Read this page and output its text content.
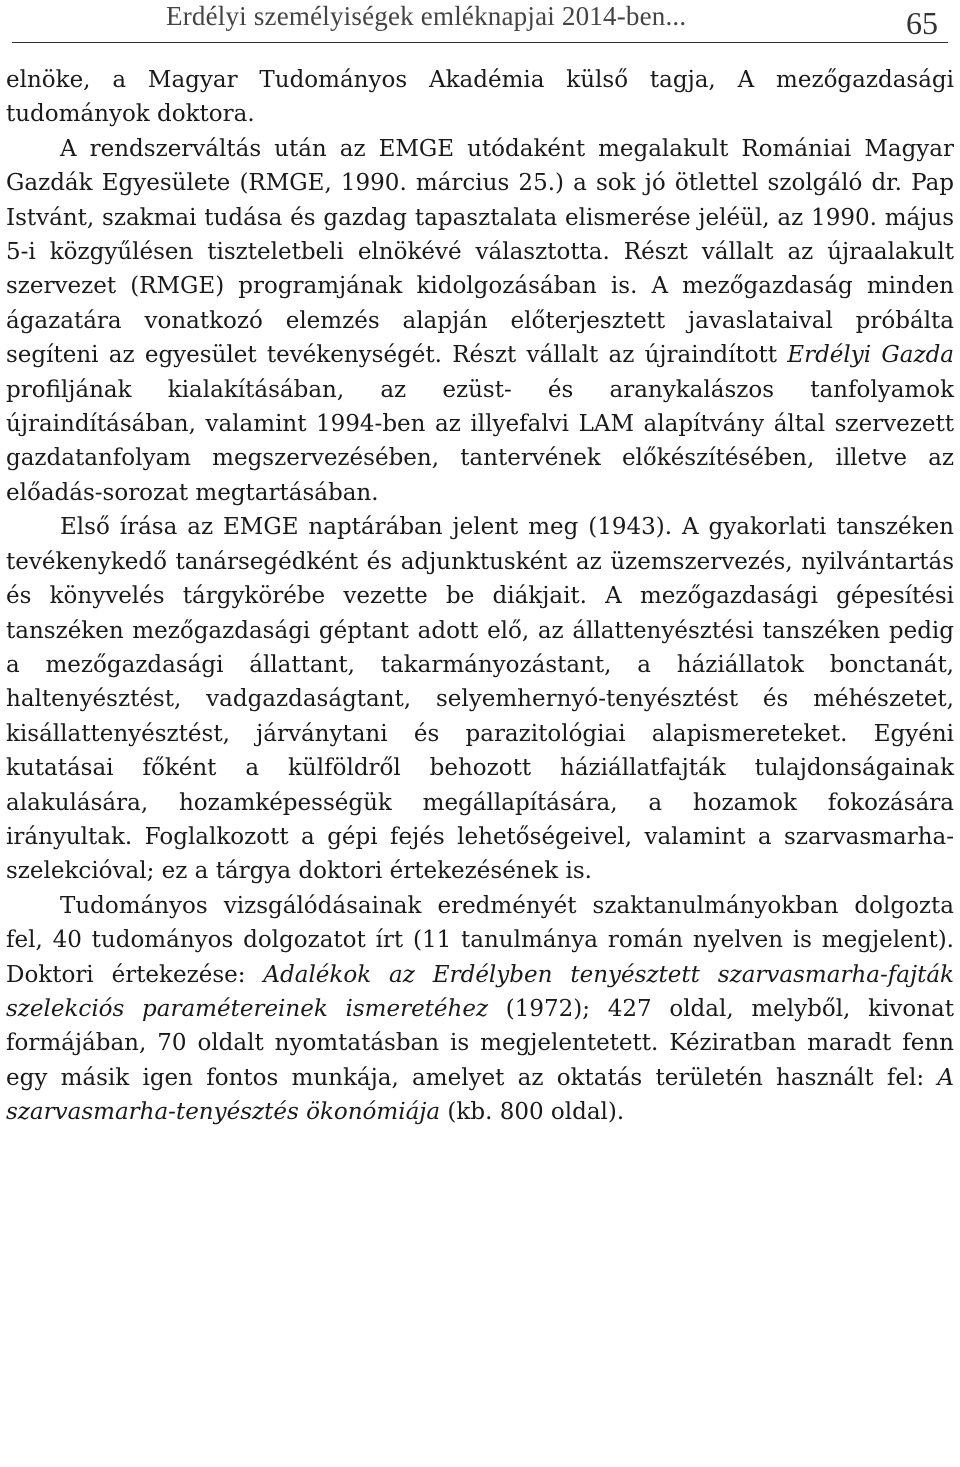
Erdélyi személyiségek emléknapjai 2014-ben...	65

elnöke, a Magyar Tudományos Akadémia külső tagja, A mezőgazdasági tudományok doktora.

A rendszerváltás után az EMGE utódaként megalakult Romániai Magyar Gazdák Egyesülete (RMGE, 1990. március 25.) a sok jó ötlettel szolgáló dr. Pap Istvánt, szakmai tudása és gazdag tapasztalata elismerése jeléül, az 1990. május 5-i közgyűlésen tiszteletbeli elnökévé választotta. Részt vállalt az újraalakult szervezet (RMGE) programjának kidolgozásában is. A mezőgazdaság minden ágazatára vonatkozó elemzés alapján előterjesztett javaslataival próbálta segíteni az egyesület tevékenységét. Részt vállalt az újraindított Erdélyi Gazda profiljának kialakításában, az ezüst- és aranykalászos tanfolyamok újraindításában, valamint 1994-ben az illyefalvi LAM alapítvány által szervezett gazdatanfolyam megszervezésében, tantervének előkészítésében, illetve az előadás-sorozat megtartásában.

Első írása az EMGE naptárában jelent meg (1943). A gyakorlati tanszéken tevékenykedő tanársegédként és adjunktusként az üzemszervezés, nyilvántartás és könyvelés tárgykörébe vezette be diákjait. A mezőgazdasági gépesítési tanszéken mezőgazdasági géptant adott elő, az állattenyésztési tanszéken pedig a mezőgazdasági állattant, takarmányozástant, a háziállatok bonctanát, haltenyésztést, vadgazdaságtant, selyemhernyó-tenyésztést és méhészetet, kisállattenyésztést, járványtani és parazitológiai alapismereteket. Egyéni kutatásai főként a külföldről behozott háziállatfajták tulajdonságainak alakulására, hozamképességük megállapítására, a hozamok fokozására irányultak. Foglalkozott a gépi fejés lehetőségeivel, valamint a szarvasmarha-szelekcióval; ez a tárgya doktori értekezésének is.

Tudományos vizsgálódásainak eredményét szaktanulmányokban dolgozta fel, 40 tudományos dolgozatot írt (11 tanulmánya román nyelven is megjelent). Doktori értekezése: Adalékok az Erdélyben tenyésztett szarvasmarha-fajták szelekciós paramétereinek ismeretéhez (1972); 427 oldal, melyből, kivonat formájában, 70 oldalt nyomtatásban is megjelentetett. Kéziratban maradt fenn egy másik igen fontos munkája, amelyet az oktatás területén használt fel: A szarvasmarha-tenyésztés ökonómiája (kb. 800 oldal).
